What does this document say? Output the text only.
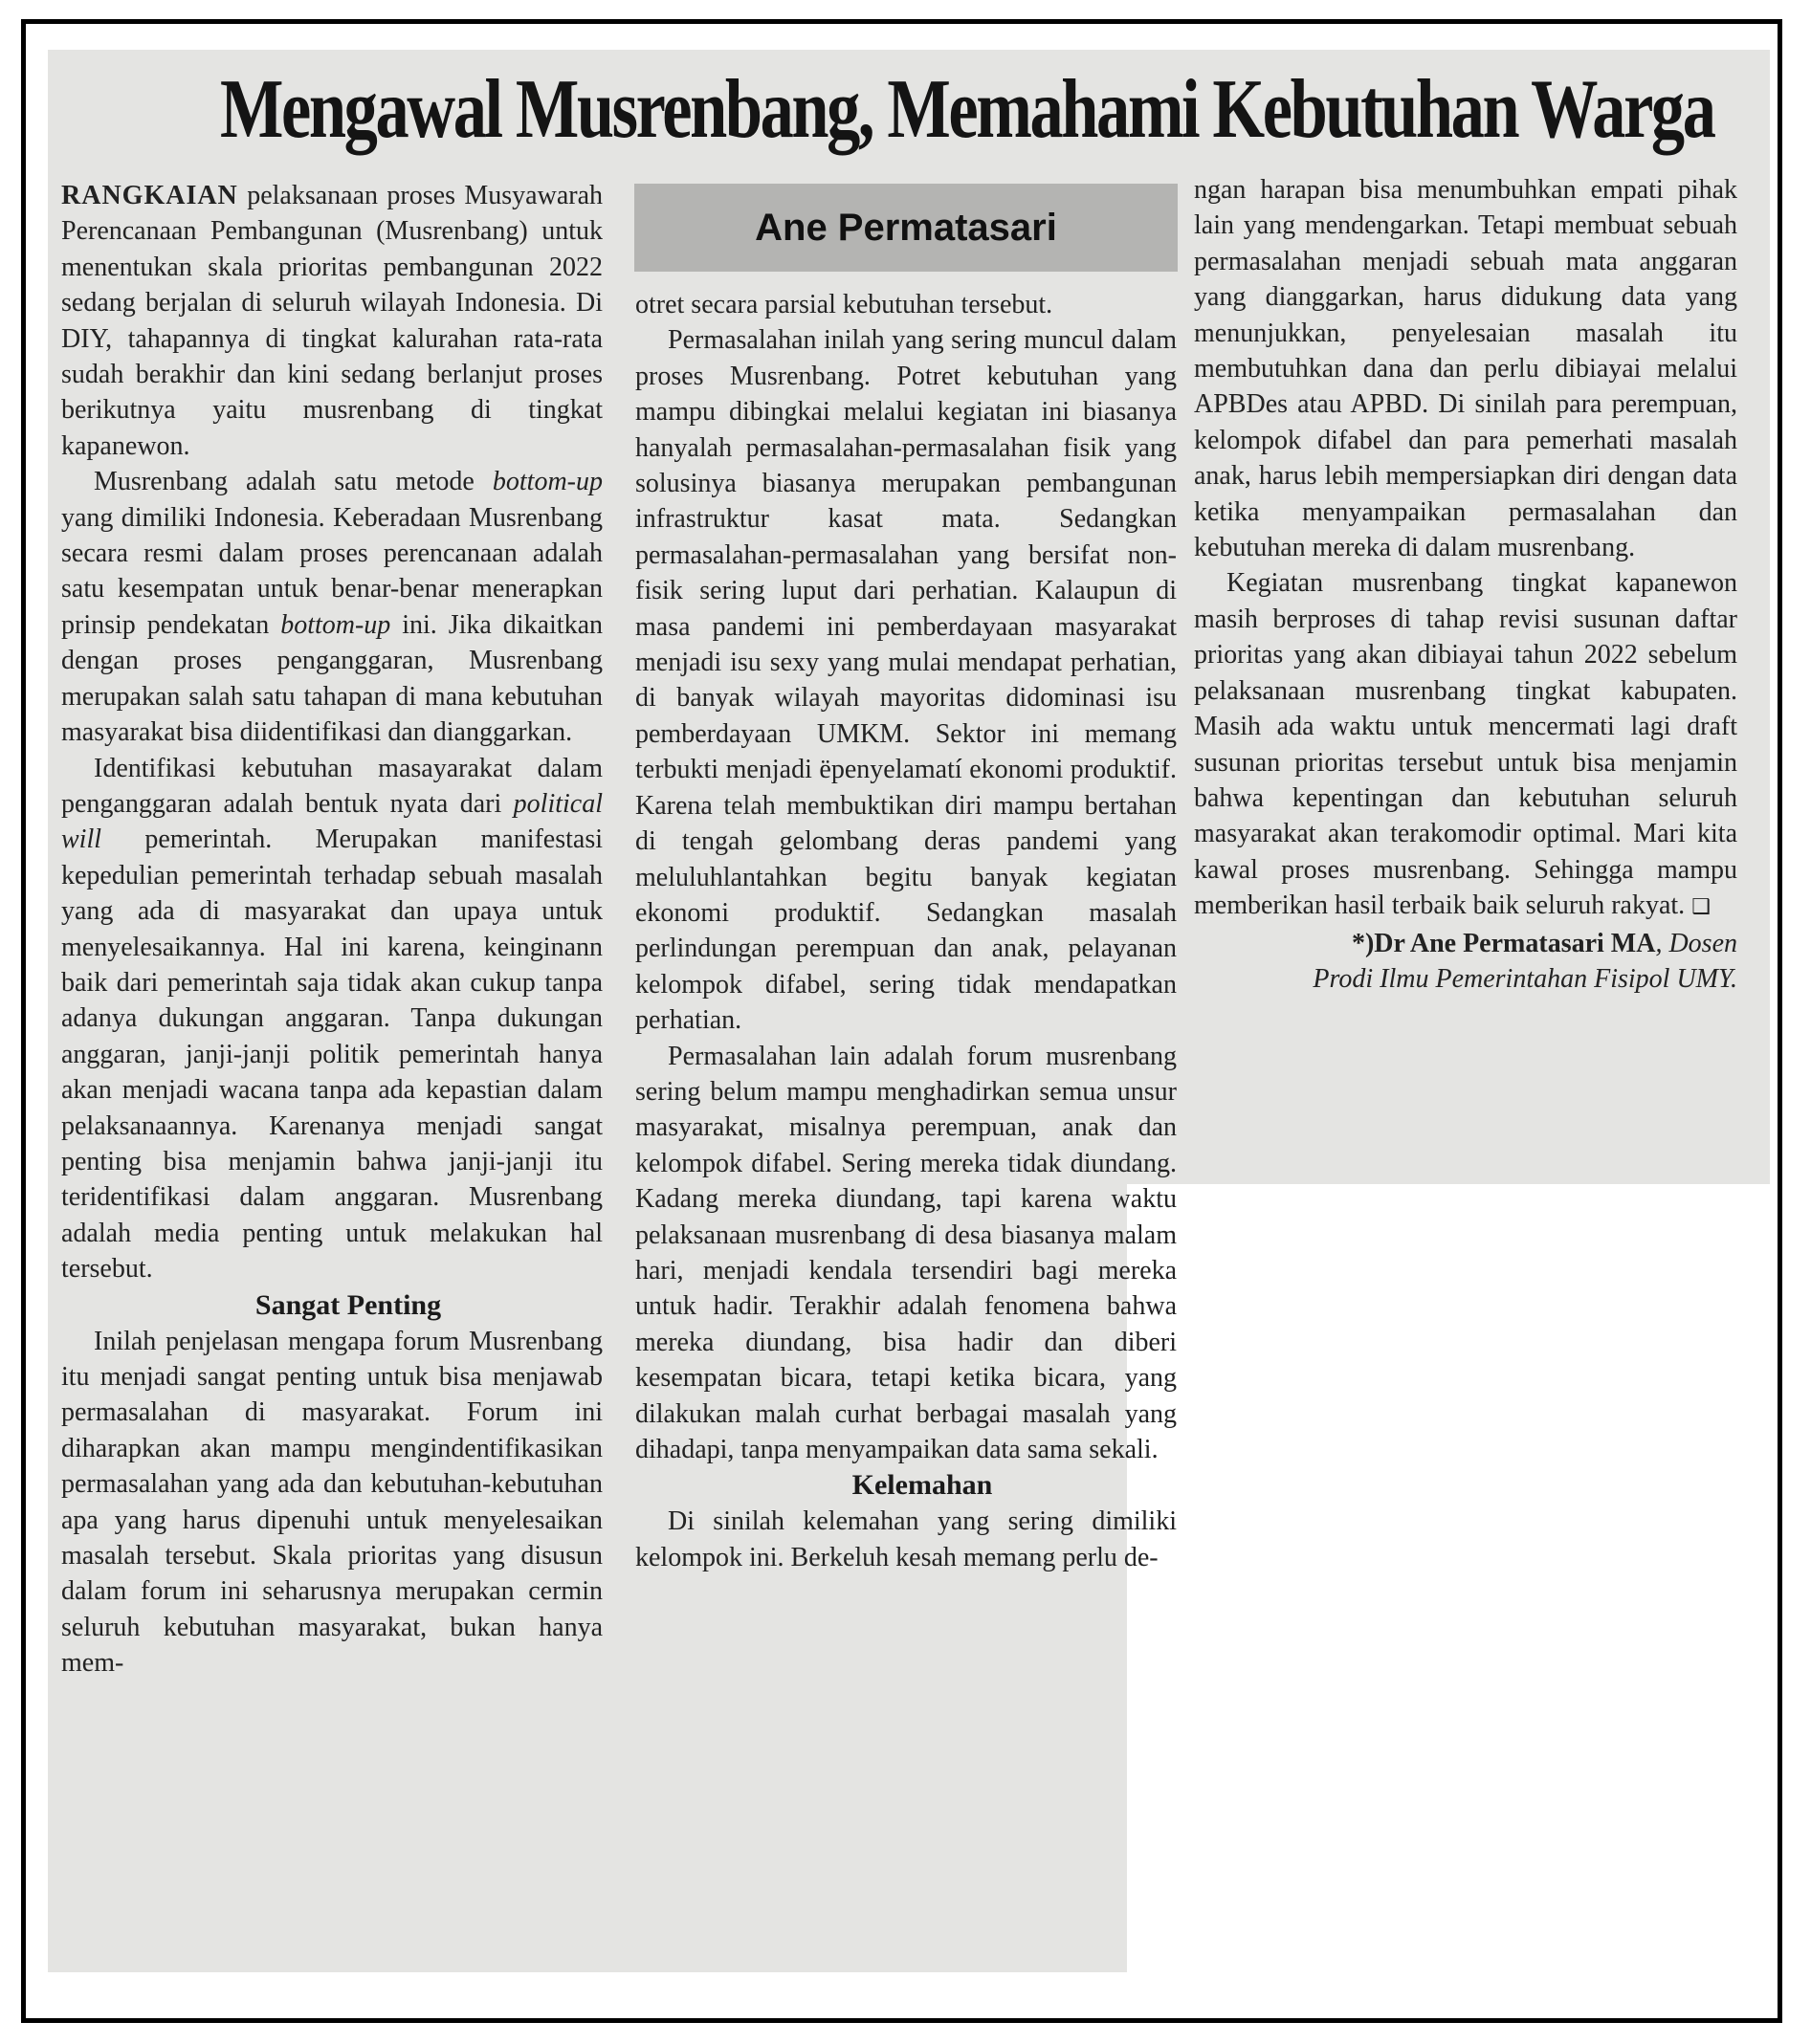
Mengawal Musrenbang, Memahami Kebutuhan Warga
Ane Permatasari

RANGKAIAN pelaksanaan proses Musyawarah Perencanaan Pembangunan (Musrenbang) untuk menentukan skala prioritas pembangunan 2022 sedang berjalan di seluruh wilayah Indonesia. Di DIY, tahapannya di tingkat kalurahan rata-rata sudah berakhir dan kini sedang berlanjut proses berikutnya yaitu musrenbang di tingkat kapanewon.

Musrenbang adalah satu metode bottom-up yang dimiliki Indonesia. Keberadaan Musrenbang secara resmi dalam proses perencanaan adalah satu kesempatan untuk benar-benar menerapkan prinsip pendekatan bottom-up ini. Jika dikaitkan dengan proses penganggaran, Musrenbang merupakan salah satu tahapan di mana kebutuhan masyarakat bisa diidentifikasi dan dianggarkan.

Identifikasi kebutuhan masayarakat dalam penganggaran adalah bentuk nyata dari political will pemerintah. Merupakan manifestasi kepedulian pemerintah terhadap sebuah masalah yang ada di masyarakat dan upaya untuk menyelesaikannya. Hal ini karena, keinginann baik dari pemerintah saja tidak akan cukup tanpa adanya dukungan anggaran. Tanpa dukungan anggaran, janji-janji politik pemerintah hanya akan menjadi wacana tanpa ada kepastian dalam pelaksanaannya. Karenanya menjadi sangat penting bisa menjamin bahwa janji-janji itu teridentifikasi dalam anggaran. Musrenbang adalah media penting untuk melakukan hal tersebut.

Sangat Penting

Inilah penjelasan mengapa forum Musrenbang itu menjadi sangat penting untuk bisa menjawab permasalahan di masyarakat. Forum ini diharapkan akan mampu mengindentifikasikan permasalahan yang ada dan kebutuhan-kebutuhan apa yang harus dipenuhi untuk menyelesaikan masalah tersebut. Skala prioritas yang disusun dalam forum ini seharusnya merupakan cermin seluruh kebutuhan masyarakat, bukan hanya mem-

otret secara parsial kebutuhan tersebut.

Permasalahan inilah yang sering muncul dalam proses Musrenbang. Potret kebutuhan yang mampu dibingkai melalui kegiatan ini biasanya hanyalah permasalahan-permasalahan fisik yang solusinya biasanya merupakan pembangunan infrastruktur kasat mata. Sedangkan permasalahan-permasalahan yang bersifat non-fisik sering luput dari perhatian. Kalaupun di masa pandemi ini pemberdayaan masyarakat menjadi isu sexy yang mulai mendapat perhatian, di banyak wilayah mayoritas didominasi isu pemberdayaan UMKM. Sektor ini memang terbukti menjadi ëpenyelamatí ekonomi produktif. Karena telah membuktikan diri mampu bertahan di tengah gelombang deras pandemi yang meluluhlantahkan begitu banyak kegiatan ekonomi produktif. Sedangkan masalah perlindungan perempuan dan anak, pelayanan kelompok difabel, sering tidak mendapatkan perhatian.

Permasalahan lain adalah forum musrenbang sering belum mampu menghadirkan semua unsur masyarakat, misalnya perempuan, anak dan kelompok difabel. Sering mereka tidak diundang. Kadang mereka diundang, tapi karena waktu pelaksanaan musrenbang di desa biasanya malam hari, menjadi kendala tersendiri bagi mereka untuk hadir. Terakhir adalah fenomena bahwa mereka diundang, bisa hadir dan diberi kesempatan bicara, tetapi ketika bicara, yang dilakukan malah curhat berbagai masalah yang dihadapi, tanpa menyampaikan data sama sekali.

Kelemahan

Di sinilah kelemahan yang sering dimiliki kelompok ini. Berkeluh kesah memang perlu de-

ngan harapan bisa menumbuhkan empati pihak lain yang mendengarkan. Tetapi membuat sebuah permasalahan menjadi sebuah mata anggaran yang dianggarkan, harus didukung data yang menunjukkan, penyelesaian masalah itu membutuhkan dana dan perlu dibiayai melalui APBDes atau APBD. Di sinilah para perempuan, kelompok difabel dan para pemerhati masalah anak, harus lebih mempersiapkan diri dengan data ketika menyampaikan permasalahan dan kebutuhan mereka di dalam musrenbang.

Kegiatan musrenbang tingkat kapanewon masih berproses di tahap revisi susunan daftar prioritas yang akan dibiayai tahun 2022 sebelum pelaksanaan musrenbang tingkat kabupaten. Masih ada waktu untuk mencermati lagi draft susunan prioritas tersebut untuk bisa menjamin bahwa kepentingan dan kebutuhan seluruh masyarakat akan terakomodir optimal. Mari kita kawal proses musrenbang. Sehingga mampu memberikan hasil terbaik baik seluruh rakyat. ❑

*)Dr Ane Permatasari MA, Dosen

Prodi Ilmu Pemerintahan Fisipol UMY.
